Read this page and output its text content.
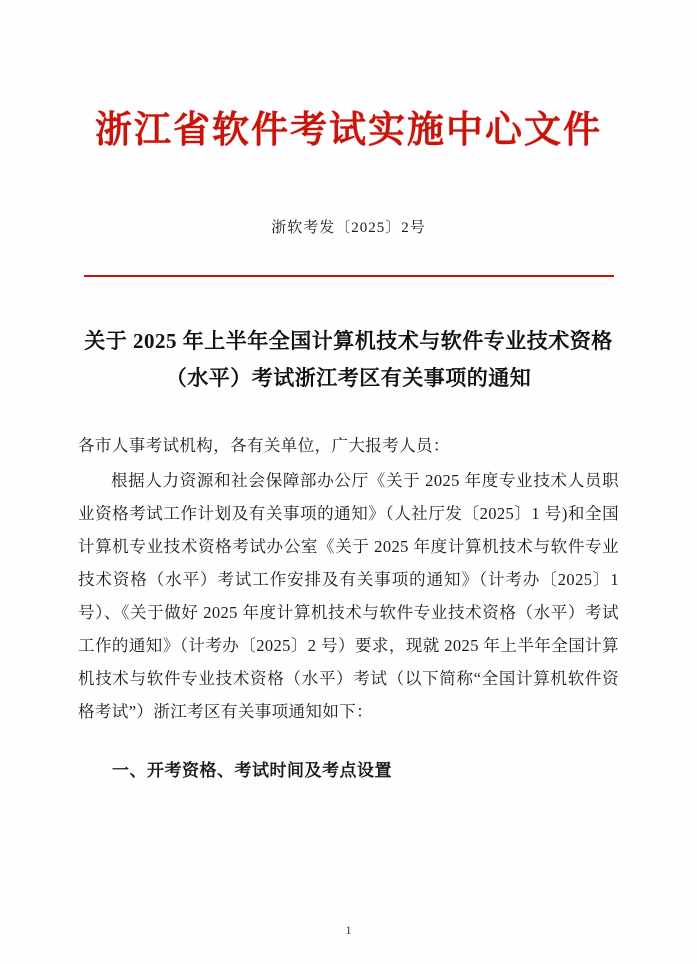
浙江省软件考试实施中心文件
浙软考发〔2025〕2号
关于 2025 年上半年全国计算机技术与软件专业技术资格（水平）考试浙江考区有关事项的通知

各市人事考试机构，各有关单位，广大报考人员：

根据人力资源和社会保障部办公厅《关于 2025 年度专业技术人员职业资格考试工作计划及有关事项的通知》（人社厅发〔2025〕1 号)和全国计算机专业技术资格考试办公室《关于 2025 年度计算机技术与软件专业技术资格（水平）考试工作安排及有关事项的通知》（计考办〔2025〕1 号）、《关于做好 2025 年度计算机技术与软件专业技术资格（水平）考试工作的通知》（计考办〔2025〕2 号）要求，现就 2025 年上半年全国计算机技术与软件专业技术资格（水平）考试（以下简称“全国计算机软件资格考试”）浙江考区有关事项通知如下：

一、开考资格、考试时间及考点设置

1
